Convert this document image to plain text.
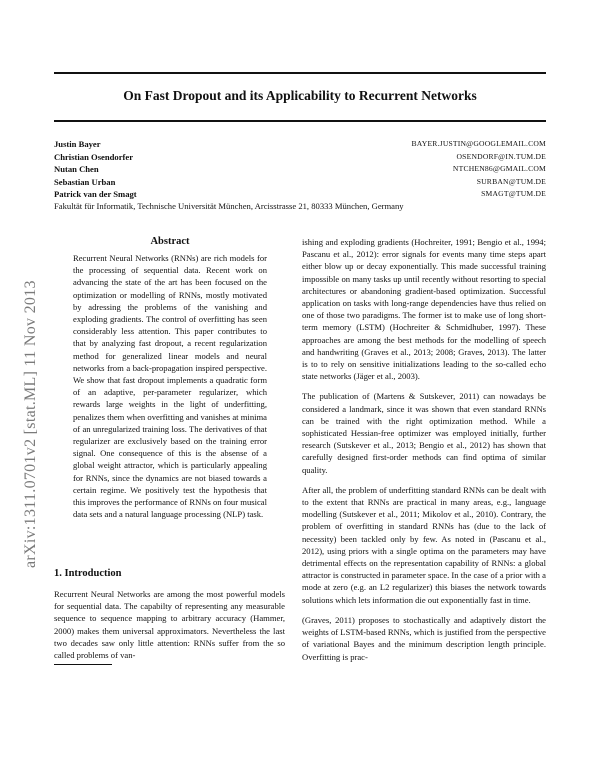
On Fast Dropout and its Applicability to Recurrent Networks
Justin Bayer	BAYER.JUSTIN@GOOGLEMAIL.COM
Christian Osendorfer	OSENDORF@IN.TUM.DE
Nutan Chen	NTCHEN86@GMAIL.COM
Sebastian Urban	SURBAN@TUM.DE
Patrick van der Smagt	SMAGT@TUM.DE
Fakultät für Informatik, Technische Universität München, Arcisstrasse 21, 80333 München, Germany
arXiv:1311.0701v2 [stat.ML] 11 Nov 2013
Abstract

Recurrent Neural Networks (RNNs) are rich models for the processing of sequential data. Recent work on advancing the state of the art has been focused on the optimization or modelling of RNNs, mostly motivated by adressing the problems of the vanishing and exploding gradients. The control of overfitting has seen considerably less attention. This paper contributes to that by analyzing fast dropout, a recent regularization method for generalized linear models and neural networks from a back-propagation inspired perspective. We show that fast dropout implements a quadratic form of an adaptive, per-parameter regularizer, which rewards large weights in the light of underfitting, penalizes them when overfitting and vanishes at minima of an unregularized training loss. The derivatives of that regularizer are exclusively based on the training error signal. One consequence of this is the absense of a global weight attractor, which is particularly appealing for RNNs, since the dynamics are not biased towards a certain regime. We positively test the hypothesis that this improves the performance of RNNs on four musical data sets and a natural language processing (NLP) task.

1. Introduction

Recurrent Neural Networks are among the most powerful models for sequential data. The capabilty of representing any measurable sequence to sequence mapping to arbitrary accuracy (Hammer, 2000) makes them universal approximators. Nevertheless the last two decades saw only little attention: RNNs suffer from the so called problems of van-

ishing and exploding gradients (Hochreiter, 1991; Bengio et al., 1994; Pascanu et al., 2012): error signals for events many time steps apart either blow up or decay exponentially. This made successful training impossible on many tasks up until recently without resorting to special architectures or abandoning gradient-based optimization. Successful application on tasks with long-range dependencies have thus relied on one of those two paradigms. The former ist to make use of long short-term memory (LSTM) (Hochreiter & Schmidhuber, 1997). These approaches are among the best methods for the modelling of speech and handwriting (Graves et al., 2013; 2008; Graves, 2013). The latter is to to rely on sensitive initializations leading to the so-called echo state networks (Jäger et al., 2003).

The publication of (Martens & Sutskever, 2011) can nowadays be considered a landmark, since it was shown that even standard RNNs can be trained with the right optimization method. While a sophisticated Hessian-free optimizer was employed initially, further research (Sutskever et al., 2013; Bengio et al., 2012) has shown that carefully designed first-order methods can find optima of similar quality.

After all, the problem of underfitting standard RNNs can be dealt with to the extent that RNNs are practical in many areas, e.g., language modelling (Sutskever et al., 2011; Mikolov et al., 2010). Contrary, the problem of overfitting in standard RNNs has (due to the lack of necessity) been tackled only by few. As noted in (Pascanu et al., 2012), using priors with a single optima on the parameters may have detrimental effects on the representation capability of RNNs: a global attractor is constructed in parameter space. In the case of a prior with a mode at zero (e.g. an L2 regularizer) this biases the network towards solutions which lets information die out exponentially fast in time.

(Graves, 2011) proposes to stochastically and adaptively distort the weights of LSTM-based RNNs, which is justified from the perspective of variational Bayes and the minimum description length principle. Overfitting is prac-
